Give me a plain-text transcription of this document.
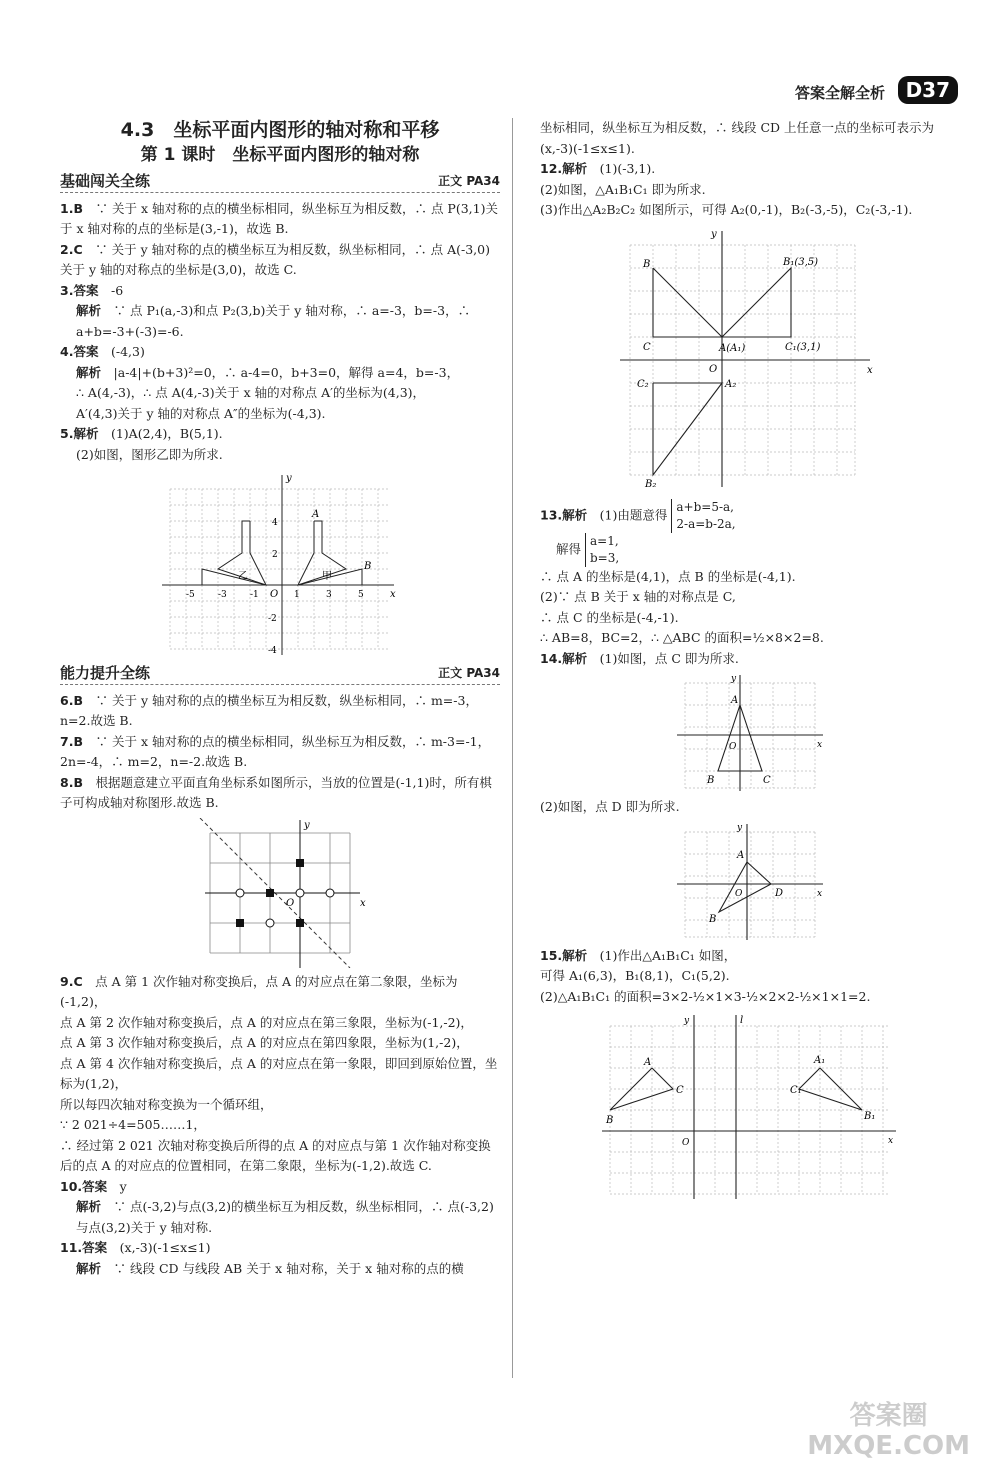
答案全解全析	D37

4.3　坐标平面内图形的轴对称和平移

第 1 课时　坐标平面内图形的轴对称

基础闯关全练	正文 PA34

1.B　 ∵ 关于 x 轴对称的点的横坐标相同，纵坐标互为相反数，∴ 点 P(3,1)关于 x 轴对称的点的坐标是(3,-1)，故选 B.

2.C　 ∵ 关于 y 轴对称的点的横坐标互为相反数，纵坐标相同，∴ 点 A(-3,0)关于 y 轴的对称点的坐标是(3,0)，故选 C.

3.答案　 -6

解析　 ∵ 点 P₁(a,-3)和点 P₂(3,b)关于 y 轴对称，∴ a=-3，b=-3，∴ a+b=-3+(-3)=-6.

4.答案　 (-4,3)

解析　 |a-4|+(b+3)²=0，∴ a-4=0，b+3=0，解得 a=4，b=-3，

∴ A(4,-3)，∴ 点 A(4,-3)关于 x 轴的对称点 A′的坐标为(4,3)，

A′(4,3)关于 y 轴的对称点 A″的坐标为(-4,3).

5.解析　 (1)A(2,4)，B(5,1).

(2)如图，图形乙即为所求.

x
y
O
A
B
甲
乙
-5	-3	-1	1	3	5
4
2
-2
-4

能力提升全练	正文 PA34

6.B　 ∵ 关于 y 轴对称的点的横坐标互为相反数，纵坐标相同，∴ m=-3，n=2.故选 B.

7.B　 ∵ 关于 x 轴对称的点的横坐标相同，纵坐标互为相反数，∴ m-3=-1，2n=-4，∴ m=2，n=-2.故选 B.

8.B　 根据题意建立平面直角坐标系如图所示，当放的位置是(-1,1)时，所有棋子可构成轴对称图形.故选 B.

x
y
O

9.C　 点 A 第 1 次作轴对称变换后，点 A 的对应点在第二象限，坐标为(-1,2)，

点 A 第 2 次作轴对称变换后，点 A 的对应点在第三象限，坐标为(-1,-2)，

点 A 第 3 次作轴对称变换后，点 A 的对应点在第四象限，坐标为(1,-2)，

点 A 第 4 次作轴对称变换后，点 A 的对应点在第一象限，即回到原始位置，坐标为(1,2)，

所以每四次轴对称变换为一个循环组，

∵ 2 021÷4=505……1，

∴ 经过第 2 021 次轴对称变换后所得的点 A 的对应点与第 1 次作轴对称变换后的点 A 的对应点的位置相同，在第二象限，坐标为(-1,2).故选 C.

10.答案　 y

解析　 ∵ 点(-3,2)与点(3,2)的横坐标互为相反数，纵坐标相同，∴ 点(-3,2)与点(3,2)关于 y 轴对称.

11.答案　 (x,-3)(-1≤x≤1)

解析　 ∵ 线段 CD 与线段 AB 关于 x 轴对称，关于 x 轴对称的点的横

坐标相同，纵坐标互为相反数，∴ 线段 CD 上任意一点的坐标可表示为(x,-3)(-1≤x≤1).

12.解析　 (1)(-3,1).

(2)如图，△A₁B₁C₁ 即为所求.

(3)作出△A₂B₂C₂ 如图所示，可得 A₂(0,-1)，B₂(-3,-5)，C₂(-3,-1).

x
y
O
B	B₁(3,5)
C	A(A₁)	C₁(3,1)
C₂	A₂
B₂

13.解析　 (1)由题意得 a+b=5-a,
2-a=b-2a,

解得 a=1,
b=3,

∴ 点 A 的坐标是(4,1)，点 B 的坐标是(-4,1).

(2)∵ 点 B 关于 x 轴的对称点是 C,

∴ 点 C 的坐标是(-4,-1).

∴ AB=8，BC=2，∴ △ABC 的面积=½×8×2=8.

14.解析　 (1)如图，点 C 即为所求.

x
y
O
A
B	C

(2)如图，点 D 即为所求.

x
y
O
A
B
D

15.解析　 (1)作出△A₁B₁C₁ 如图，

可得 A₁(6,3)，B₁(8,1)，C₁(5,2).

(2)△A₁B₁C₁ 的面积=3×2-½×1×3-½×2×2-½×1×1=2.

x
y
O
l
A
B
C
A₁
B₁
C₁
答案圈
MXQE.COM
